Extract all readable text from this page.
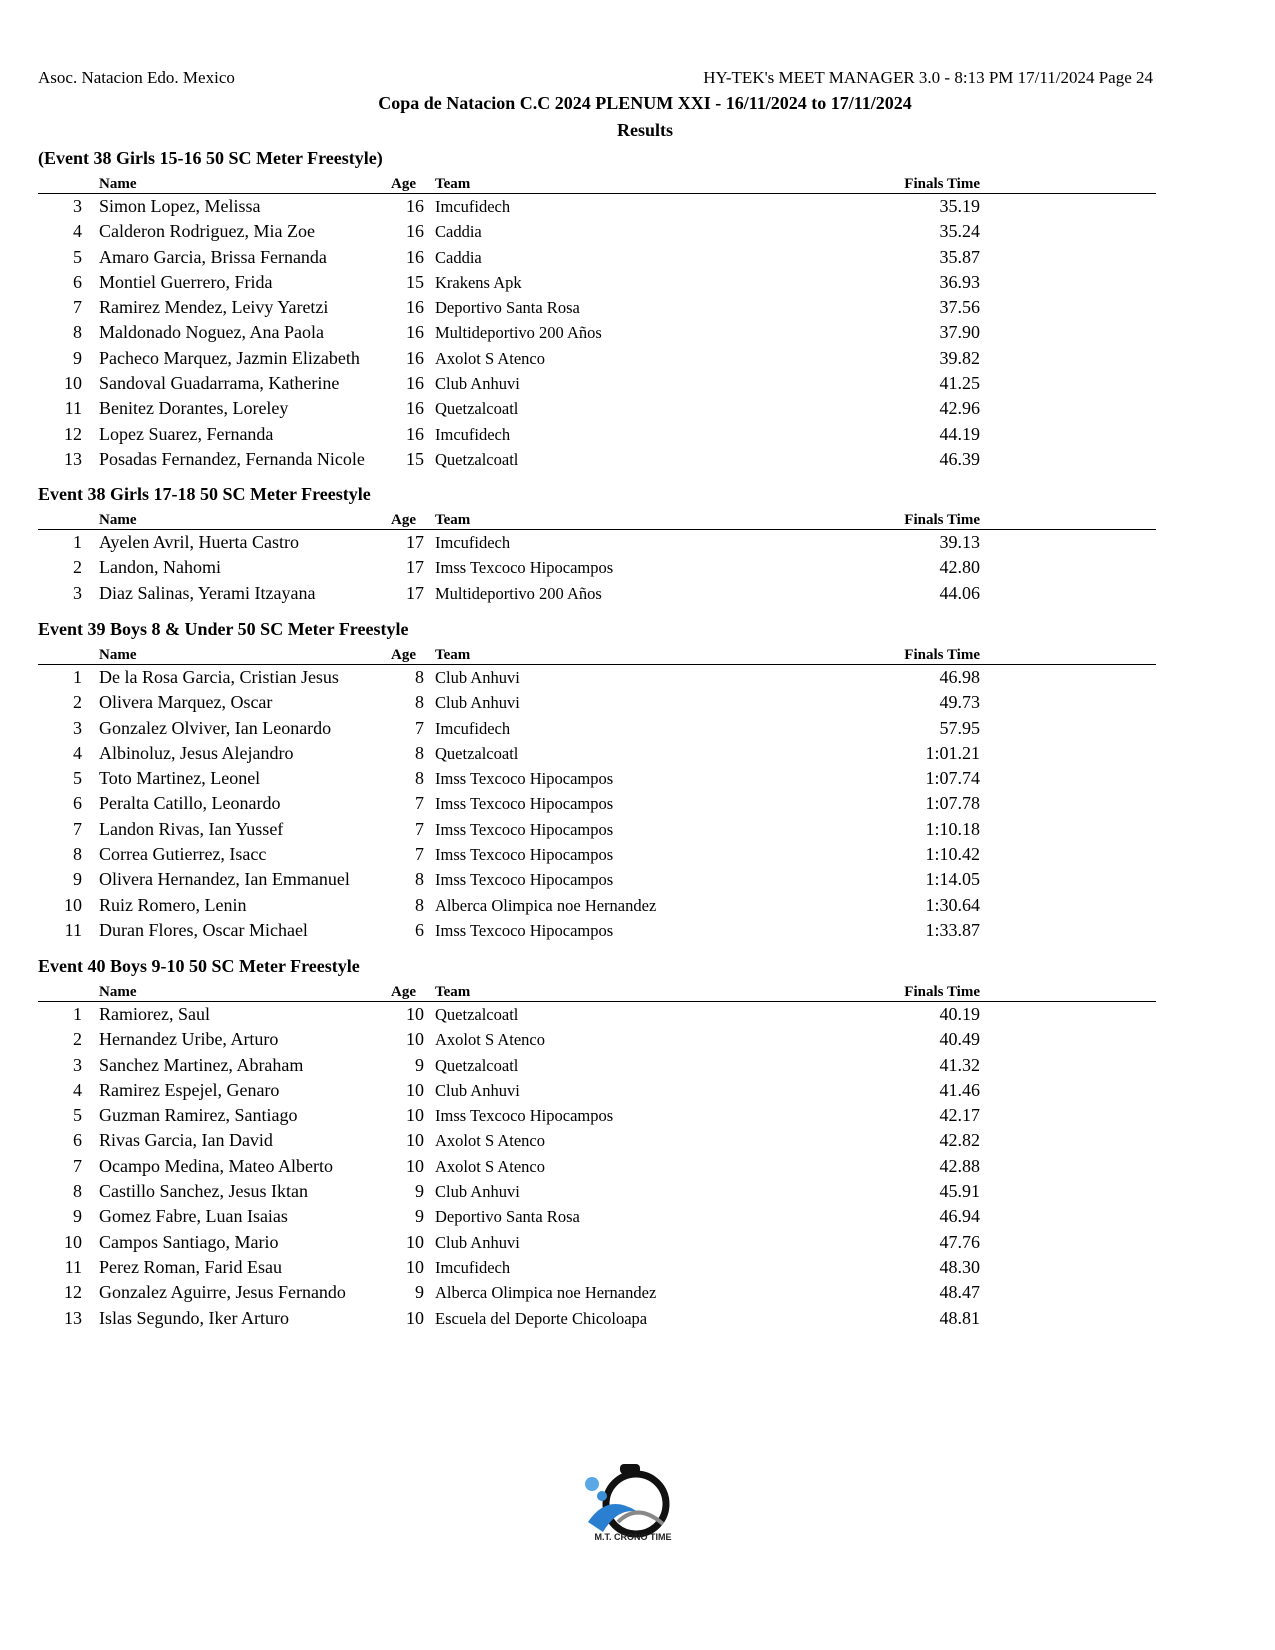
Asoc. Natacion Edo. Mexico	HY-TEK's MEET MANAGER 3.0 - 8:13 PM 17/11/2024 Page 24
Copa de Natacion C.C 2024 PLENUM XXI - 16/11/2024 to 17/11/2024
Results
(Event 38 Girls 15-16 50 SC Meter Freestyle)
Name	Age Team	Finals Time
3 Simon Lopez, Melissa	16 Imcufidech	35.19
4 Calderon Rodriguez, Mia Zoe	16 Caddia	35.24
5 Amaro Garcia, Brissa Fernanda	16 Caddia	35.87
6 Montiel Guerrero, Frida	15 Krakens Apk	36.93
7 Ramirez Mendez, Leivy Yaretzi	16 Deportivo Santa Rosa	37.56
8 Maldonado Noguez, Ana Paola	16 Multideportivo 200 Años	37.90
9 Pacheco Marquez, Jazmin Elizabeth	16 Axolot S Atenco	39.82
10 Sandoval Guadarrama, Katherine	16 Club Anhuvi	41.25
11 Benitez Dorantes, Loreley	16 Quetzalcoatl	42.96
12 Lopez Suarez, Fernanda	16 Imcufidech	44.19
13 Posadas Fernandez, Fernanda Nicole	15 Quetzalcoatl	46.39
Event 38 Girls 17-18 50 SC Meter Freestyle
Name	Age Team	Finals Time
1 Ayelen Avril, Huerta Castro	17 Imcufidech	39.13
2 Landon, Nahomi	17 Imss Texcoco Hipocampos	42.80
3 Diaz Salinas, Yerami Itzayana	17 Multideportivo 200 Años	44.06
Event 39 Boys 8 & Under 50 SC Meter Freestyle
Name	Age Team	Finals Time
1 De la Rosa Garcia, Cristian Jesus	8 Club Anhuvi	46.98
2 Olivera Marquez, Oscar	8 Club Anhuvi	49.73
3 Gonzalez Olviver, Ian Leonardo	7 Imcufidech	57.95
4 Albinoluz, Jesus Alejandro	8 Quetzalcoatl	1:01.21
5 Toto Martinez, Leonel	8 Imss Texcoco Hipocampos	1:07.74
6 Peralta Catillo, Leonardo	7 Imss Texcoco Hipocampos	1:07.78
7 Landon Rivas, Ian Yussef	7 Imss Texcoco Hipocampos	1:10.18
8 Correa Gutierrez, Isacc	7 Imss Texcoco Hipocampos	1:10.42
9 Olivera Hernandez, Ian Emmanuel	8 Imss Texcoco Hipocampos	1:14.05
10 Ruiz Romero, Lenin	8 Alberca Olimpica noe Hernandez	1:30.64
11 Duran Flores, Oscar Michael	6 Imss Texcoco Hipocampos	1:33.87
Event 40 Boys 9-10 50 SC Meter Freestyle
Name	Age Team	Finals Time
1 Ramiorez, Saul	10 Quetzalcoatl	40.19
2 Hernandez Uribe, Arturo	10 Axolot S Atenco	40.49
3 Sanchez Martinez, Abraham	9 Quetzalcoatl	41.32
4 Ramirez Espejel, Genaro	10 Club Anhuvi	41.46
5 Guzman Ramirez, Santiago	10 Imss Texcoco Hipocampos	42.17
6 Rivas Garcia, Ian David	10 Axolot S Atenco	42.82
7 Ocampo Medina, Mateo Alberto	10 Axolot S Atenco	42.88
8 Castillo Sanchez, Jesus Iktan	9 Club Anhuvi	45.91
9 Gomez Fabre, Luan Isaias	9 Deportivo Santa Rosa	46.94
10 Campos Santiago, Mario	10 Club Anhuvi	47.76
11 Perez Roman, Farid Esau	10 Imcufidech	48.30
12 Gonzalez Aguirre, Jesus Fernando	9 Alberca Olimpica noe Hernandez	48.47
13 Islas Segundo, Iker Arturo	10 Escuela del Deporte Chicoloapa	48.81
M.T. CRONO TIME
